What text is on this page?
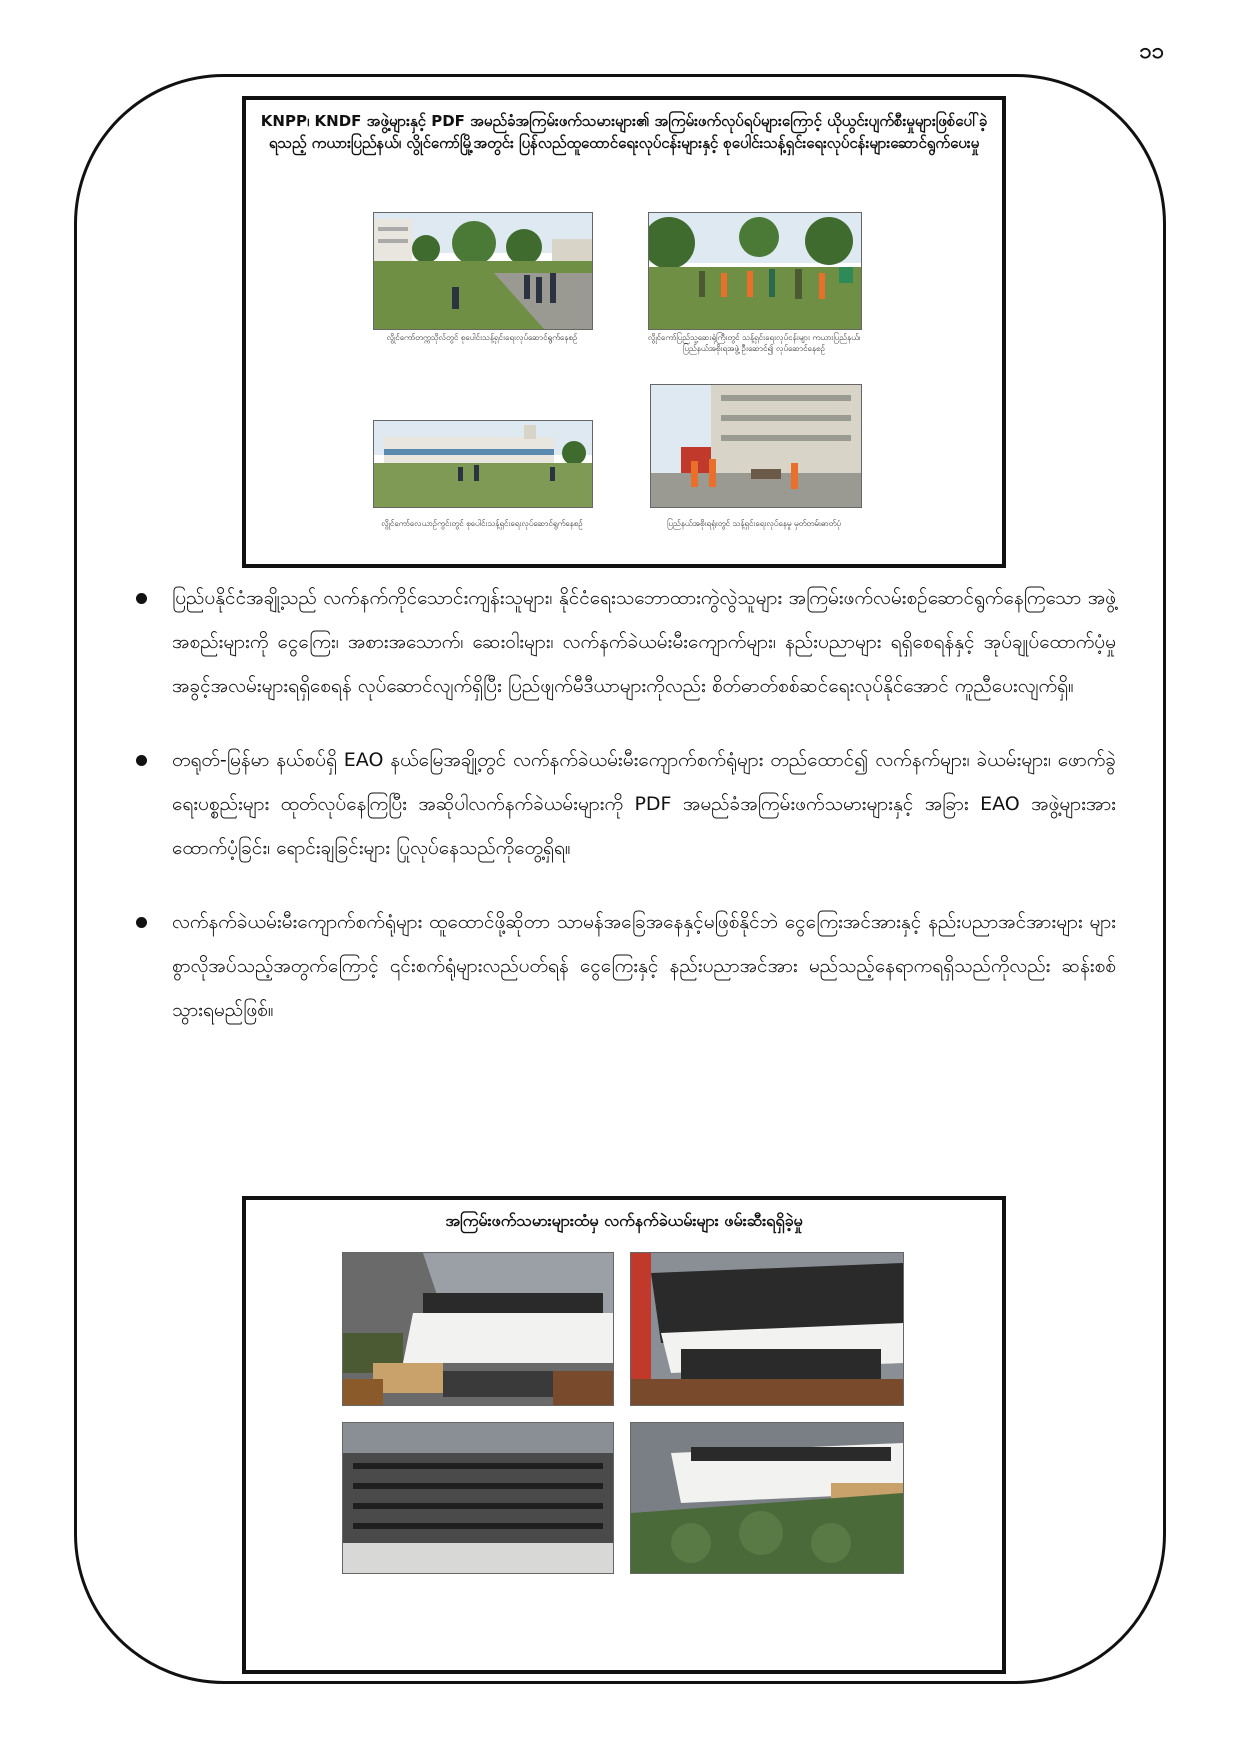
၁၁
KNPP၊ KNDF အဖွဲ့များနှင့် PDF အမည်ခံအကြမ်းဖက်သမားများ၏ အကြမ်းဖက်လုပ်ရပ်များကြောင့် ယိုယွင်းပျက်စီးမှုများဖြစ်ပေါ်ခဲ့ရသည့် ကယားပြည်နယ်၊ လွိုင်ကော်မြို့အတွင်း ပြန်လည်ထူထောင်ရေးလုပ်ငန်းများနှင့် စုပေါင်းသန့်ရှင်းရေးလုပ်ငန်းများဆောင်ရွက်ပေးမှု
လွိုင်ကော်တက္ကသိုလ်တွင် စုပေါင်းသန့်ရှင်းရေးလုပ်ဆောင်ရွက်နေစဉ်	လွိုင်ကော်ပြည်သူ့ဆေးရုံကြီးတွင် သန့်ရှင်းရေးလုပ်ငန်းများ ကယားပြည်နယ်၊ ပြည်နယ်အစိုးရအဖွဲ့ ဦးဆောင်၍ လုပ်ဆောင်နေစဉ်
လွိုင်ကော်လေယာဉ်ကွင်းတွင် စုပေါင်းသန့်ရှင်းရေးလုပ်ဆောင်ရွက်နေစဉ်	ပြည်နယ်အစိုးရရုံးတွင် သန့်ရှင်းရေးလုပ်နေမှု မှတ်တမ်းဓာတ်ပုံ
ပြည်ပနိုင်ငံအချို့သည် လက်နက်ကိုင်သောင်းကျန်းသူများ၊ နိုင်ငံရေးသဘောထားကွဲလွဲသူများ အကြမ်းဖက်လမ်းစဉ်ဆောင်ရွက်နေကြသော အဖွဲ့အစည်းများကို ငွေကြေး၊ အစားအသောက်၊ ဆေးဝါးများ၊ လက်နက်ခဲယမ်းမီးကျောက်များ၊ နည်းပညာများ ရရှိစေရန်နှင့် အုပ်ချုပ်ထောက်ပံ့မှုအခွင့်အလမ်းများရရှိစေရန် လုပ်ဆောင်လျက်ရှိပြီး ပြည်ဖျက်မီဒီယာများကိုလည်း စိတ်ဓာတ်စစ်ဆင်ရေးလုပ်နိုင်အောင် ကူညီပေးလျက်ရှိ။
တရုတ်-မြန်မာ နယ်စပ်ရှိ EAO နယ်မြေအချို့တွင် လက်နက်ခဲယမ်းမီးကျောက်စက်ရုံများ တည်ထောင်၍ လက်နက်များ၊ ခဲယမ်းများ၊ ဖောက်ခွဲရေးပစ္စည်းများ ထုတ်လုပ်နေကြပြီး အဆိုပါလက်နက်ခဲယမ်းများကို PDF အမည်ခံအကြမ်းဖက်သမားများနှင့် အခြား EAO အဖွဲ့များအား ထောက်ပံ့ခြင်း၊ ရောင်းချခြင်းများ ပြုလုပ်နေသည်ကိုတွေ့ရှိရ။
လက်နက်ခဲယမ်းမီးကျောက်စက်ရုံများ ထူထောင်ဖို့ဆိုတာ သာမန်အခြေအနေနှင့်မဖြစ်နိုင်ဘဲ ငွေကြေးအင်အားနှင့် နည်းပညာအင်အားများ များစွာလိုအပ်သည့်အတွက်ကြောင့် ၎င်းစက်ရုံများလည်ပတ်ရန် ငွေကြေးနှင့် နည်းပညာအင်အား မည်သည့်နေရာကရရှိသည်ကိုလည်း ဆန်းစစ်သွားရမည်ဖြစ်။
အကြမ်းဖက်သမားများထံမှ လက်နက်ခဲယမ်းများ ဖမ်းဆီးရရှိခဲ့မှု
